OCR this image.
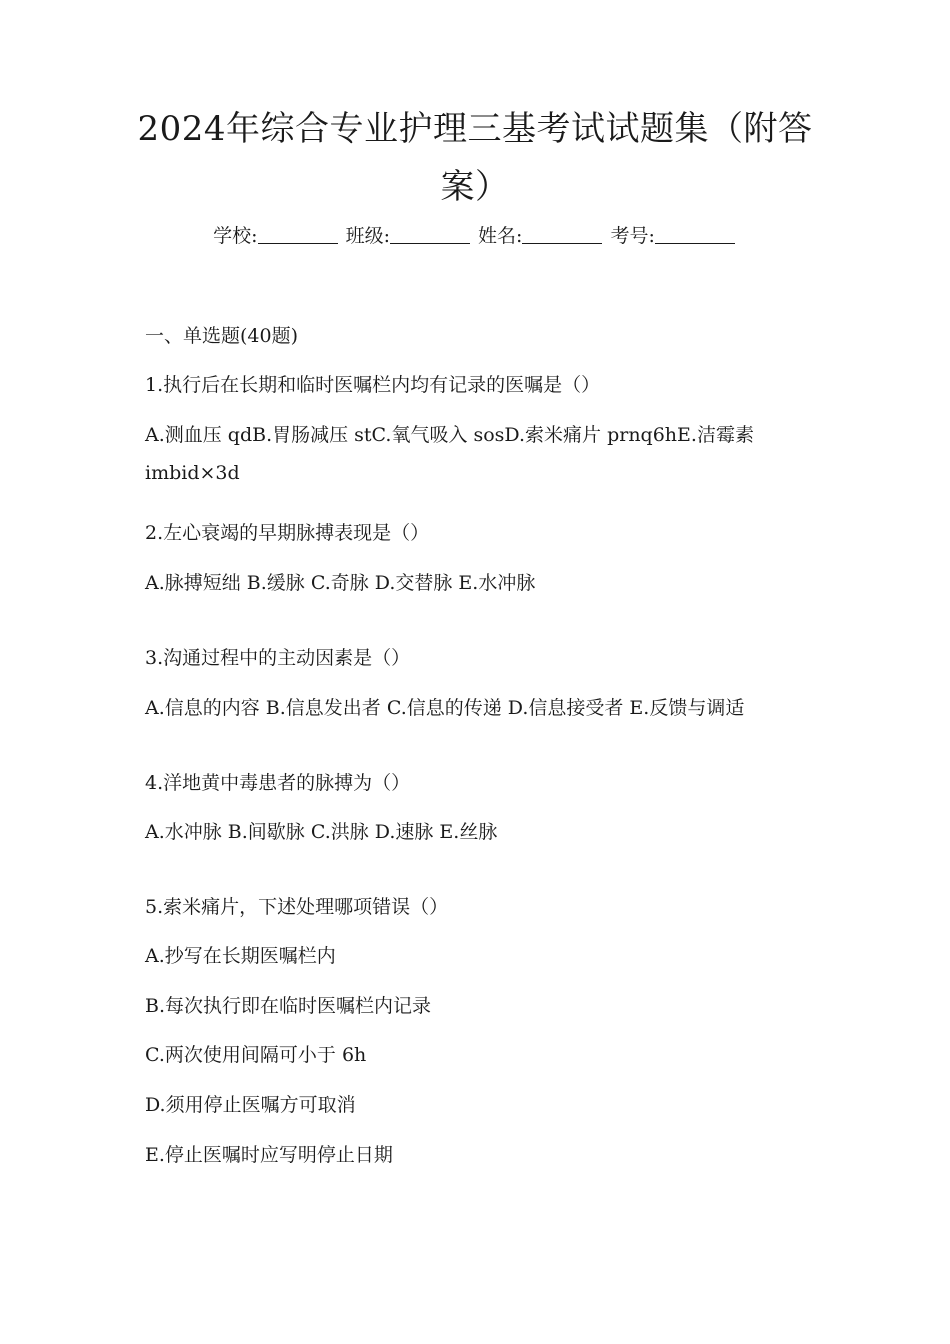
2024年综合专业护理三基考试试题集（附答案）
学校:	班级:	姓名:	考号:
一、单选题(40题)
1.执行后在长期和临时医嘱栏内均有记录的医嘱是（）
A.测血压 qdB.胃肠减压 stC.氧气吸入 sosD.索米痛片 prnq6hE.洁霉素 imbid×3d
2.左心衰竭的早期脉搏表现是（）
A.脉搏短绌 B.缓脉 C.奇脉 D.交替脉 E.水冲脉
3.沟通过程中的主动因素是（）
A.信息的内容 B.信息发出者 C.信息的传递 D.信息接受者 E.反馈与调适
4.洋地黄中毒患者的脉搏为（）
A.水冲脉 B.间歇脉 C.洪脉 D.速脉 E.丝脉
5.索米痛片，下述处理哪项错误（）
A.抄写在长期医嘱栏内
B.每次执行即在临时医嘱栏内记录
C.两次使用间隔可小于 6h
D.须用停止医嘱方可取消
E.停止医嘱时应写明停止日期
